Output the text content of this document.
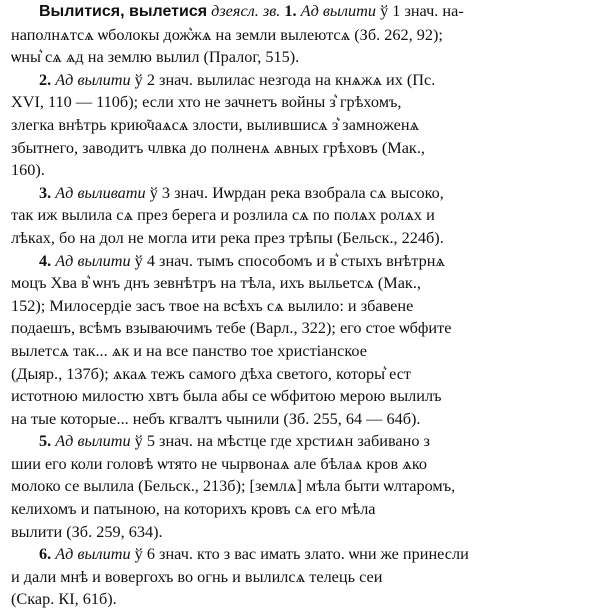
Вылитися, вылетися дзеясл. зв. 1. Ад вылити ў 1 знач. на-
наполнѧтсѧ ѡболокы дож͛жѧ на земли вылеютсѧ (Зб. 262, 92);
ѡны͛ сѧ ѧд на землю вылил (Пралог, 515).
2. Ад вылити ў 2 знач. вылилас незгода на кнѧжѧ их (Пс.
XVI, 110 — 110б); если хто не зачнетъ войны з͛ грѣхомъ,
злегка внѣтрь крию̃чаѧсѧ злости, вылившисѧ з͛ замноженѧ
збытнего, заводитъ члвка до полненѧ ѧвных грѣховъ (Мак.,
160).
3. Ад выливати ў 3 знач. Иѡрдан река взобрала сѧ высоко,
так иж вылила сѧ през берега и розлила сѧ по полѧх ролѧх и
лѣках, бо на дол не могла ити река през трѣпы (Бельск., 224б).
4. Ад вылити ў 4 знач. тымъ способомъ и в͛ стыхъ внѣтрнѧ
моцъ Хва в͛ ѡнъ днъ зевнѣтръ на тѣла, ихъ выльетсѧ (Мак.,
152); Милосердіе засъ твое на всѣхъ сѧ вылило: и збавене
подаешъ, всѣмъ взываючимъ тебе (Варл., 322); его стое ѡбфите
вылетсѧ так... ѧк и на все панство тое христіанское
(Дыяр., 137б); ѧкаѧ тежъ самого дѣха светого, которы͛ ест
истотною милостю хвтъ была абы се ѡбфитою мерою вылилъ
на тые которые... небъ кгвалтъ чынили (Зб. 255, 64 — 64б).
5. Ад вылити ў 5 знач. на мѣстце где хрстиѧн забивано з
шии его коли головѣ ѡтято не чырвонаѧ але бѣлаѧ кров ѧко
молоко се вылила (Бельск., 213б); [землѧ] мѣла быти ѡлтаромъ,
келихомъ и патыною, на которихъ кровъ сѧ его мѣла
вылити (Зб. 259, 634).
6. Ад вылити ў 6 знач. кто з вас имать злато. ѡни же принесли
и дали мнѣ и вовергохъ во огнь и вылилсѧ телець сеи
(Скар. КІ, 61б).
